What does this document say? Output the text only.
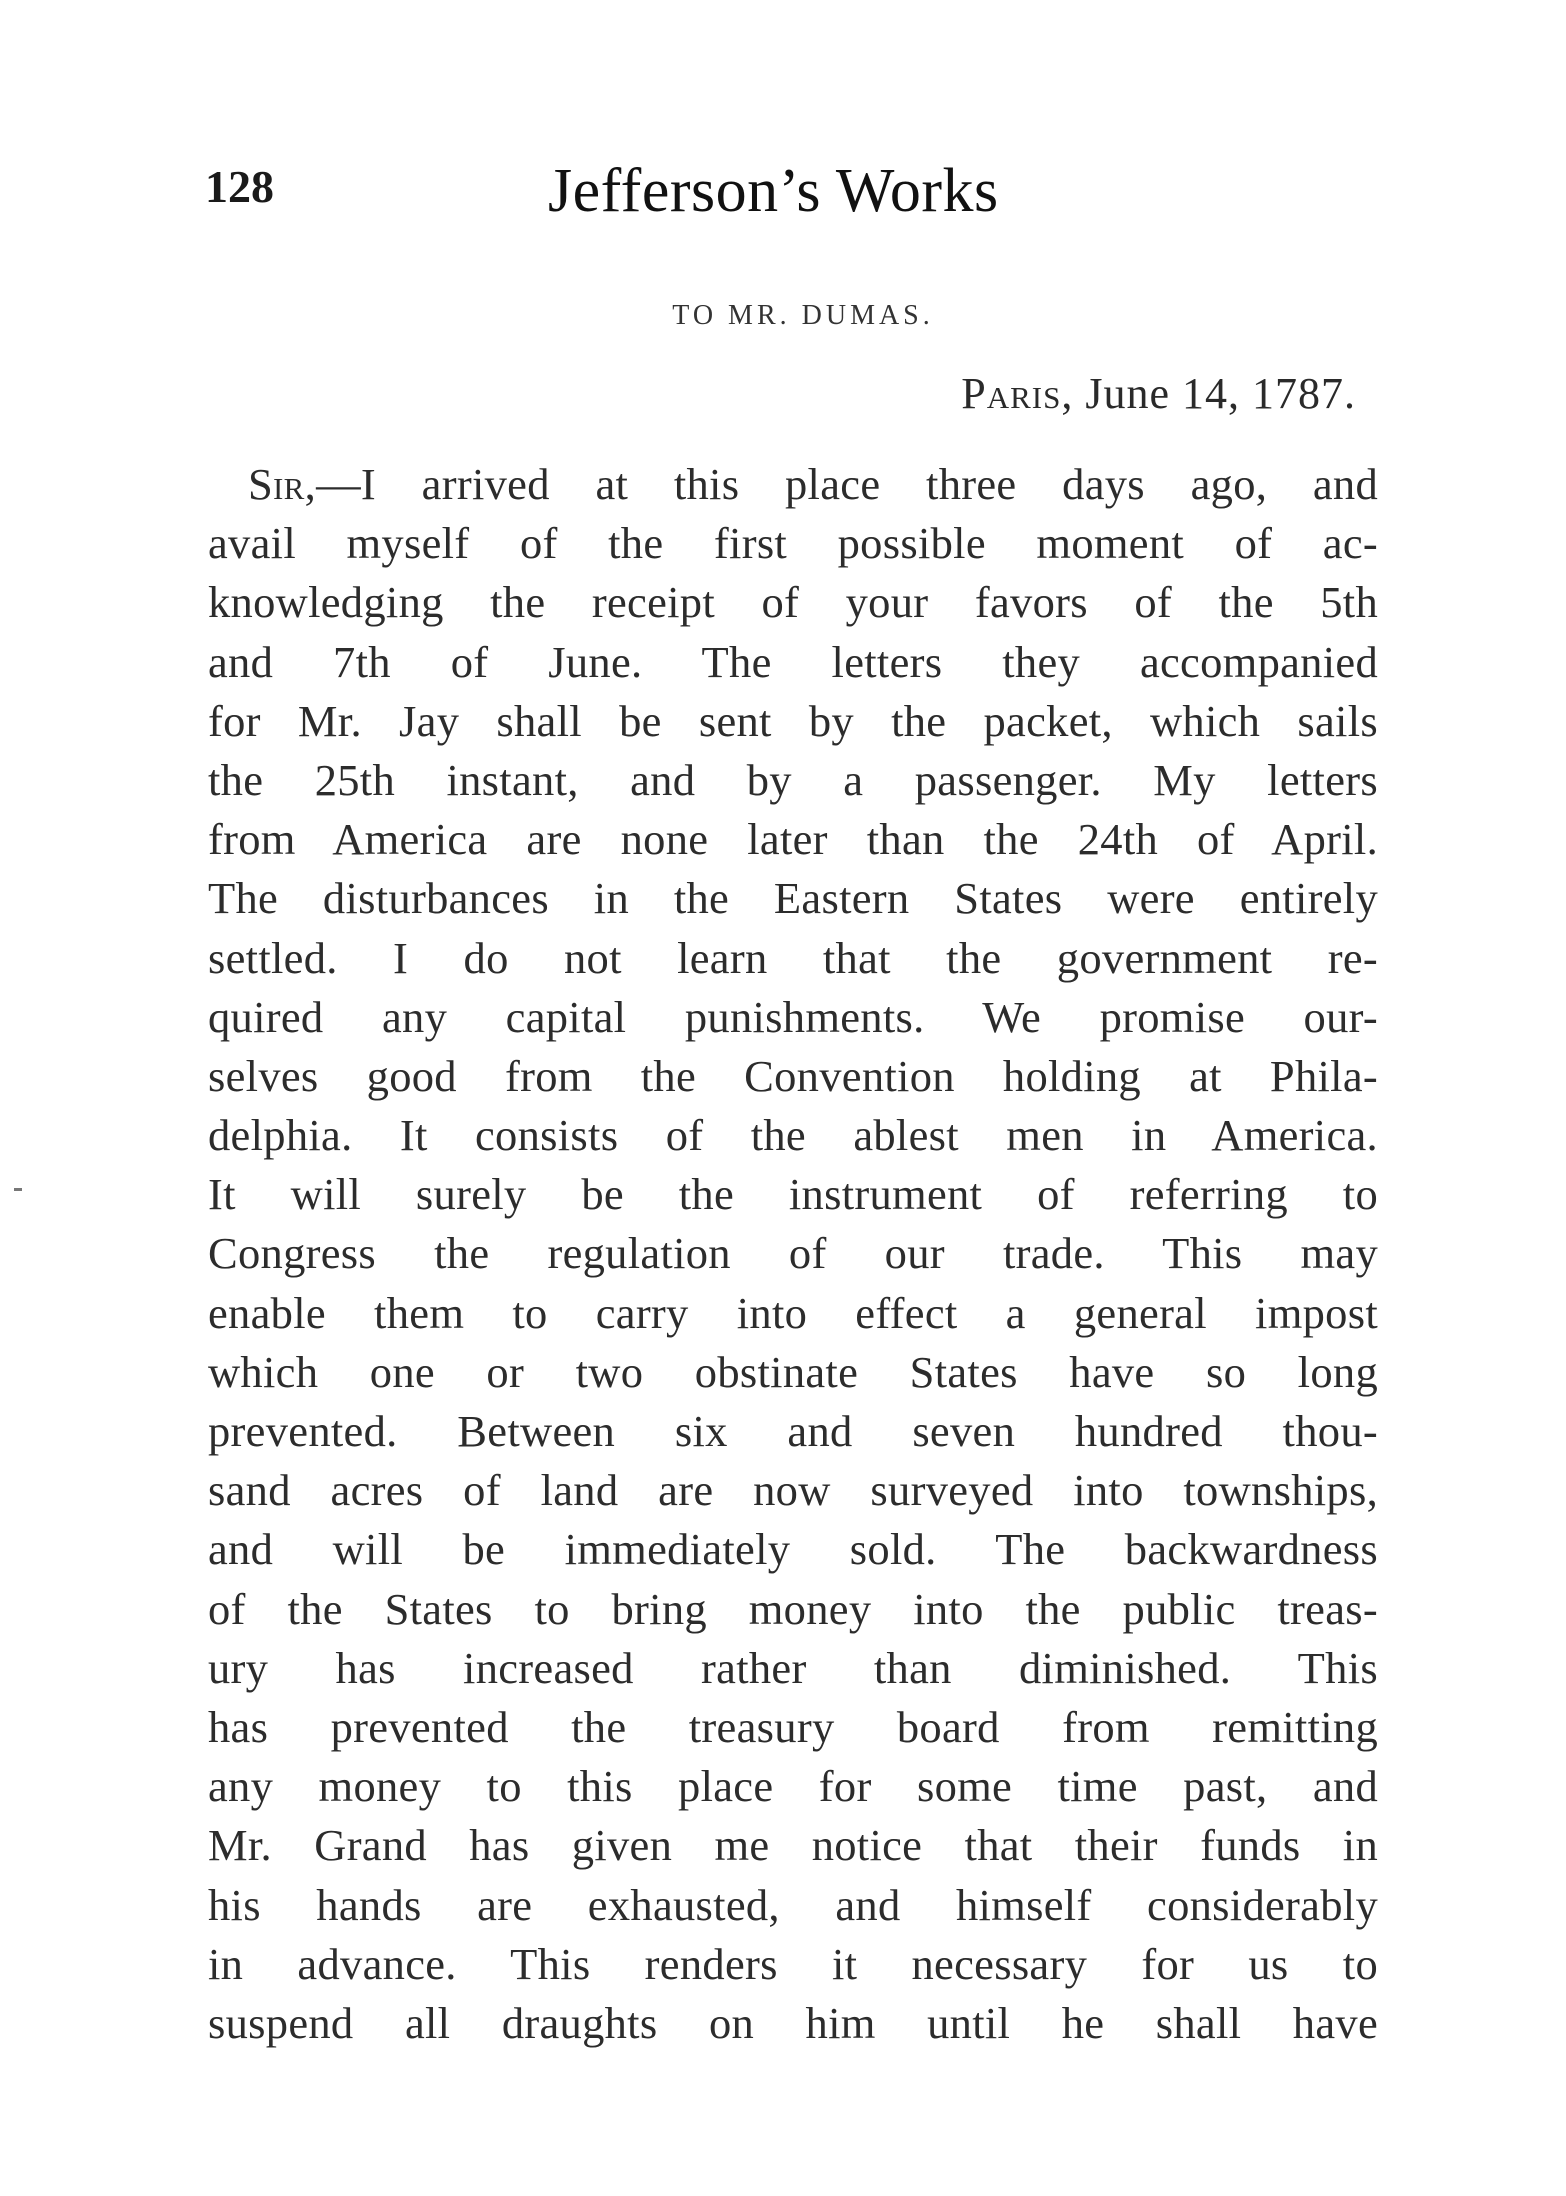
128	Jefferson’s Works
TO MR. DUMAS.
Paris, June 14, 1787.
Sir,—I arrived at this place three days ago, and
avail myself of the first possible moment of ac-
knowledging the receipt of your favors of the 5th
and 7th of June. The letters they accompanied
for Mr. Jay shall be sent by the packet, which sails
the 25th instant, and by a passenger. My letters
from America are none later than the 24th of April.
The disturbances in the Eastern States were entirely
settled. I do not learn that the government re-
quired any capital punishments. We promise our-
selves good from the Convention holding at Phila-
delphia. It consists of the ablest men in America.
It will surely be the instrument of referring to
Congress the regulation of our trade. This may
enable them to carry into effect a general impost
which one or two obstinate States have so long
prevented. Between six and seven hundred thou-
sand acres of land are now surveyed into townships,
and will be immediately sold. The backwardness
of the States to bring money into the public treas-
ury has increased rather than diminished. This
has prevented the treasury board from remitting
any money to this place for some time past, and
Mr. Grand has given me notice that their funds in
his hands are exhausted, and himself considerably
in advance. This renders it necessary for us to
suspend all draughts on him until he shall have
